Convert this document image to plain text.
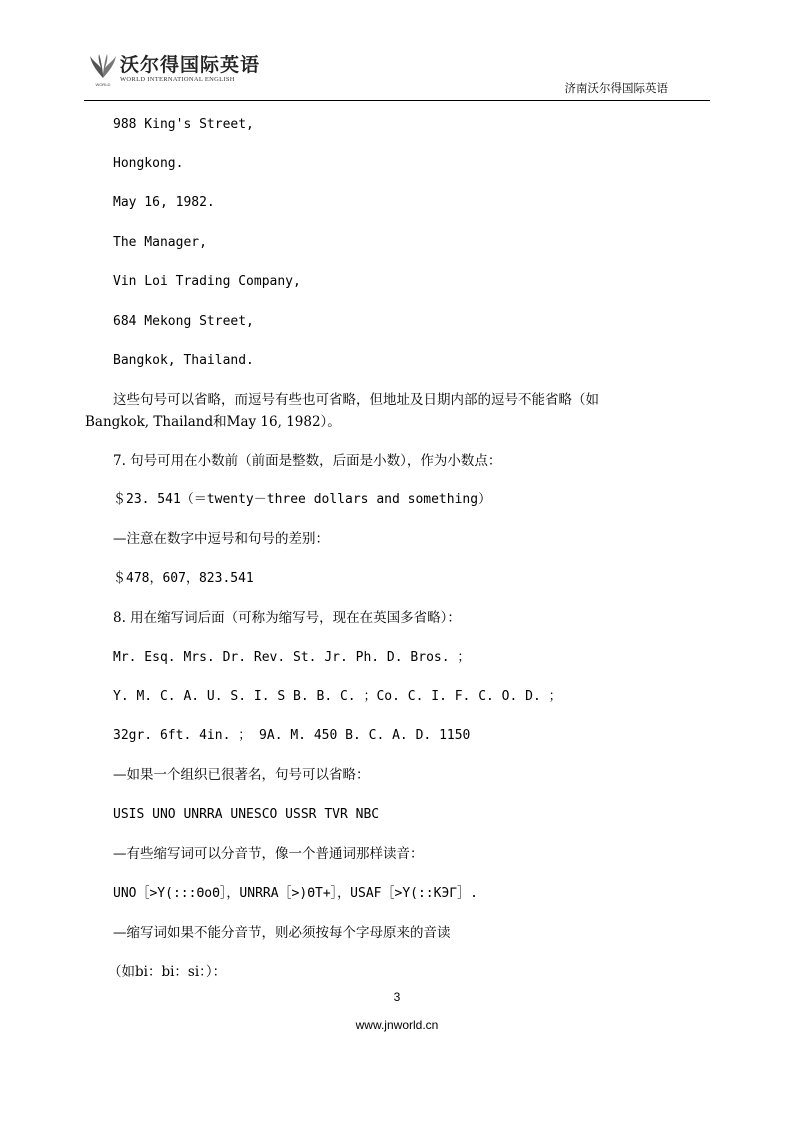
WORLD
沃尔得国际英语
WORLD INTERNATIONAL ENGLISH
济南沃尔得国际英语
988 King's Street,
Hongkong.
May 16, 1982.
The Manager,
Vin Loi Trading Company,
684 Mekong Street,
Bangkok, Thailand.
这些句号可以省略，而逗号有些也可省略，但地址及日期内部的逗号不能省略（如
Bangkok, Thailand和May 16, 1982）。
7. 句号可用在小数前（前面是整数，后面是小数），作为小数点：
＄23. 541（＝twenty－three dollars and something）
—注意在数字中逗号和句号的差别：
＄478，607，823.541
8. 用在缩写词后面（可称为缩写号，现在在英国多省略）：
Mr. Esq. Mrs. Dr. Rev. St. Jr. Ph. D. Bros. ；
Y. M. C. A. U. S. I. S B. B. C. ；Co. C. I. F. C. O. D. ；
32gr. 6ft. 4in. ； 9A. M. 450 B. C. A. D. 1150
—如果一个组织已很著名，句号可以省略：
USIS UNO UNRRA UNESCO USSR TVR NBC
—有些缩写词可以分音节，像一个普通词那样读音：
UNO［>Y(:::ΘoΘ］，UNRRA［>)ΘT+］，USAF［>Y(::KЭΓ］.
—缩写词如果不能分音节，则必须按每个字母原来的音读
（如bi：bi：si：）：
3
www.jnworld.cn
